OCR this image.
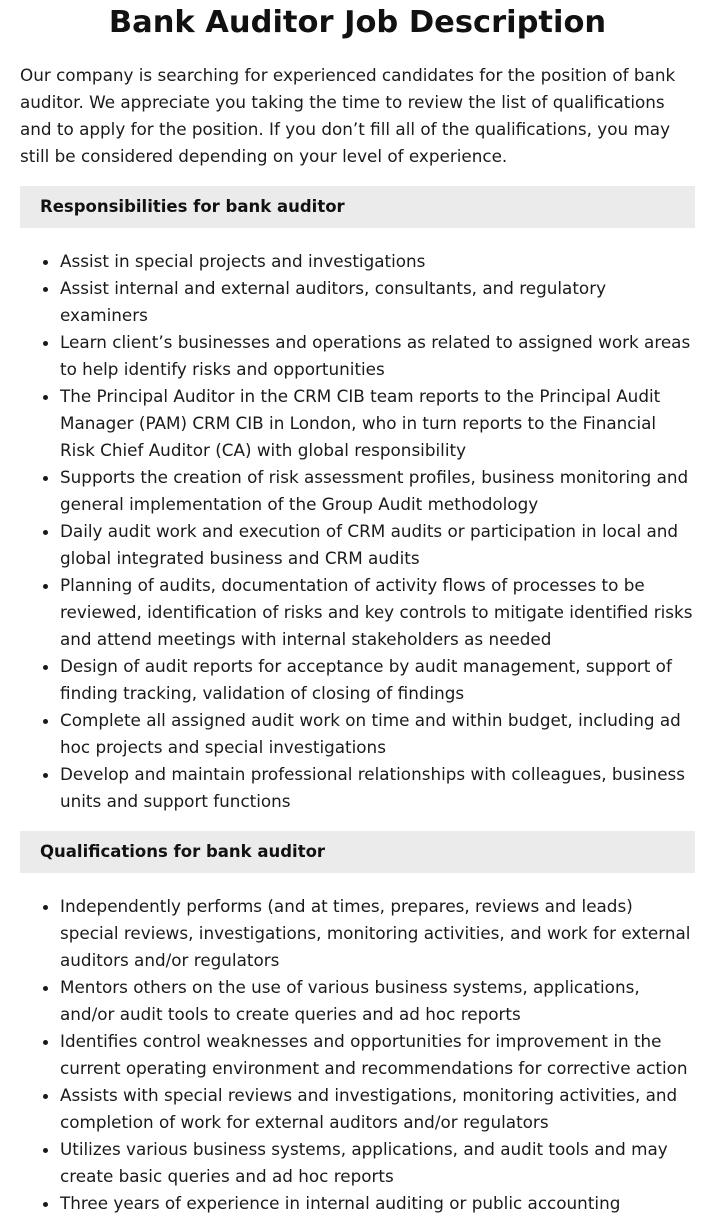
Bank Auditor Job Description

Our company is searching for experienced candidates for the position of bank auditor. We appreciate you taking the time to review the list of qualifications and to apply for the position. If you don’t fill all of the qualifications, you may still be considered depending on your level of experience.

Responsibilities for bank auditor
• Assist in special projects and investigations
• Assist internal and external auditors, consultants, and regulatory examiners
• Learn client’s businesses and operations as related to assigned work areas to help identify risks and opportunities
• The Principal Auditor in the CRM CIB team reports to the Principal Audit Manager (PAM) CRM CIB in London, who in turn reports to the Financial Risk Chief Auditor (CA) with global responsibility
• Supports the creation of risk assessment profiles, business monitoring and general implementation of the Group Audit methodology
• Daily audit work and execution of CRM audits or participation in local and global integrated business and CRM audits
• Planning of audits, documentation of activity flows of processes to be reviewed, identification of risks and key controls to mitigate identified risks and attend meetings with internal stakeholders as needed
• Design of audit reports for acceptance by audit management, support of finding tracking, validation of closing of findings
• Complete all assigned audit work on time and within budget, including ad hoc projects and special investigations
• Develop and maintain professional relationships with colleagues, business units and support functions
Qualifications for bank auditor
• Independently performs (and at times, prepares, reviews and leads) special reviews, investigations, monitoring activities, and work for external auditors and/or regulators
• Mentors others on the use of various business systems, applications, and/or audit tools to create queries and ad hoc reports
• Identifies control weaknesses and opportunities for improvement in the current operating environment and recommendations for corrective action
• Assists with special reviews and investigations, monitoring activities, and completion of work for external auditors and/or regulators
• Utilizes various business systems, applications, and audit tools and may create basic queries and ad hoc reports
• Three years of experience in internal auditing or public accounting
